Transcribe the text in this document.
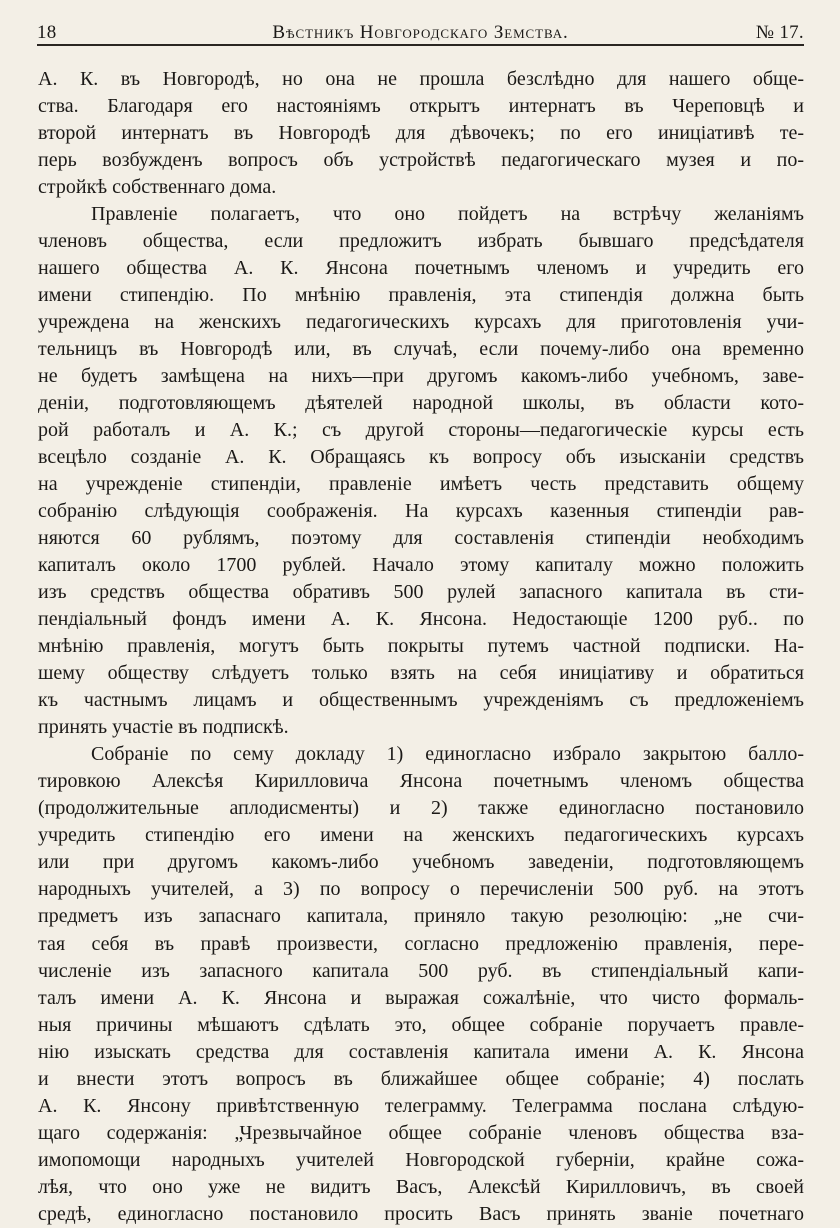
18	Вѣстникъ Новгородскаго Земства.	№ 17.
А. К. въ Новгородѣ, но она не прошла безслѣдно для нашего обще-
ства. Благодаря его настояніямъ открытъ интернатъ въ Череповцѣ и
второй интернатъ въ Новгородѣ для дѣвочекъ; по его иниціативѣ те-
перь возбужденъ вопросъ объ устройствѣ педагогическаго музея и по-
стройкѣ собственнаго дома.
Правленіе полагаетъ, что оно пойдетъ на встрѣчу желаніямъ
членовъ общества, если предложитъ избрать бывшаго предсѣдателя
нашего общества А. К. Янсона почетнымъ членомъ и учредить его
имени стипендію. По мнѣнію правленія, эта стипендія должна быть
учреждена на женскихъ педагогическихъ курсахъ для приготовленія учи-
тельницъ въ Новгородѣ или, въ случаѣ, если почему-либо она временно
не будетъ замѣщена на нихъ—при другомъ какомъ-либо учебномъ, заве-
деніи, подготовляющемъ дѣятелей народной школы, въ области кото-
рой работалъ и А. К.; съ другой стороны—педагогическіе курсы есть
всецѣло созданіе А. К. Обращаясь къ вопросу объ изысканіи средствъ
на учрежденіе стипендіи, правленіе имѣетъ честь представить общему
собранію слѣдующія соображенія. На курсахъ казенныя стипендіи рав-
няются 60 рублямъ, поэтому для составленія стипендіи необходимъ
капиталъ около 1700 рублей. Начало этому капиталу можно положить
изъ средствъ общества обративъ 500 рулей запасного капитала въ сти-
пендіальный фондъ имени А. К. Янсона. Недостающіе 1200 руб.. по
мнѣнію правленія, могутъ быть покрыты путемъ частной подписки. На-
шему обществу слѣдуетъ только взять на себя иниціативу и обратиться
къ частнымъ лицамъ и общественнымъ учрежденіямъ съ предложеніемъ
принять участіе въ подпискѣ.
Собраніе по сему докладу 1) единогласно избрало закрытою балло-
тировкою Алексѣя Кирилловича Янсона почетнымъ членомъ общества
(продолжительные аплодисменты) и 2) также единогласно постановило
учредить стипендію его имени на женскихъ педагогическихъ курсахъ
или при другомъ какомъ-либо учебномъ заведеніи, подготовляющемъ
народныхъ учителей, а 3) по вопросу о перечисленіи 500 руб. на этотъ
предметъ изъ запаснаго капитала, приняло такую резолюцію: „не счи-
тая себя въ правѣ произвести, согласно предложенію правленія, пере-
численіе изъ запасного капитала 500 руб. въ стипендіальный капи-
талъ имени А. К. Янсона и выражая сожалѣніе, что чисто формаль-
ныя причины мѣшаютъ сдѣлать это, общее собраніе поручаетъ правле-
нію изыскать средства для составленія капитала имени А. К. Янсона
и внести этотъ вопросъ въ ближайшее общее собраніе; 4) послать
А. К. Янсону привѣтственную телеграмму. Телеграмма послана слѣдую-
щаго содержанія: „Чрезвычайное общее собраніе членовъ общества вза-
имопомощи народныхъ учителей Новгородской губерніи, крайне сожа-
лѣя, что оно уже не видитъ Васъ, Алексѣй Кирилловичъ, въ своей
средѣ, единогласно постановило просить Васъ принять званіе почетнаго
